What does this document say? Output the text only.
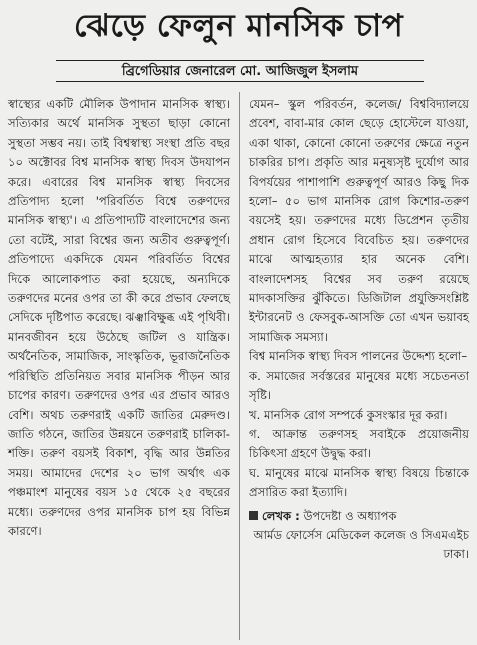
ঝেড়ে ফেলুন মানসিক চাপ
ব্রিগেডিয়ার জেনারেল মো. আজিজুল ইসলাম

স্বাস্থ্যের একটি মৌলিক উপাদান মানসিক স্বাস্থ্য। সত্যিকার অর্থে মানসিক সুস্থতা ছাড়া কোনো সুস্থতা সম্ভব নয়। তাই বিশ্বস্বাস্থ্য সংস্থা প্রতি বছর ১০ অক্টোবর বিশ্ব মানসিক স্বাস্থ্য দিবস উদযাপন করে। এবারের বিশ্ব মানসিক স্বাস্থ্য দিবসের প্রতিপাদ্য হলো 'পরিবর্তিত বিশ্বে তরুণদের মানসিক স্বাস্থ্য'। এ প্রতিপাদ্যটি বাংলাদেশের জন্য তো বটেই, সারা বিশ্বের জন্য অতীব গুরুত্বপূর্ণ। প্রতিপাদ্যে একদিকে যেমন পরিবর্তিত বিশ্বের দিকে আলোকপাত করা হয়েছে, অন্যদিকে তরুণদের মনের ওপর তা কী করে প্রভাব ফেলছে সেদিকে দৃষ্টিপাত করেছে। ঝঞ্ঝাবিক্ষুব্ধ এই পৃথিবী। মানবজীবন হয়ে উঠেছে জটিল ও যান্ত্রিক। অর্থনৈতিক, সামাজিক, সাংস্কৃতিক, ভূরাজনৈতিক পরিস্থিতি প্রতিনিয়ত সবার মানসিক পীড়ন আর চাপের কারণ। তরুণদের ওপর এর প্রভাব আরও বেশি। অথচ তরুণরাই একটি জাতির মেরুদণ্ড। জাতি গঠনে, জাতির উন্নয়নে তরুণরাই চালিকা-শক্তি। তরুণ বয়সই বিকাশ, বৃদ্ধি আর উন্নতির সময়। আমাদের দেশের ২০ ভাগ অর্থাৎ এক পঞ্চমাংশ মানুষের বয়স ১৫ থেকে ২৫ বছরের মধ্যে। তরুণদের ওপর মানসিক চাপ হয় বিভিন্ন কারণে।

যেমন– স্কুল পরিবর্তন, কলেজ/ বিশ্ববিদ্যালয়ে প্রবেশ, বাবা-মার কোল ছেড়ে হোস্টেলে যাওয়া, একা থাকা, কোনো কোনো তরুণের ক্ষেত্রে নতুন চাকরির চাপ। প্রকৃতি আর মনুষ্যসৃষ্ট দুর্যোগ আর বিপর্যয়ের পাশাপাশি গুরুত্বপূর্ণ আরও কিছু দিক হলো– ৫০ ভাগ মানসিক রোগ কিশোর-তরুণ বয়সেই হয়। তরুণদের মধ্যে ডিপ্রেশন তৃতীয় প্রধান রোগ হিসেবে বিবেচিত হয়। তরুণদের মাঝে আত্মহত্যার হার অনেক বেশি। বাংলাদেশসহ বিশ্বের সব তরুণ রয়েছে মাদকাসক্তির ঝুঁকিতে। ডিজিটাল প্রযুক্তিসংশ্লিষ্ট ইন্টারনেট ও ফেসবুক-আসক্তি তো এখন ভয়াবহ সামাজিক সমস্যা।

বিশ্ব মানসিক স্বাস্থ্য দিবস পালনের উদ্দেশ্য হলো–

ক. সমাজের সর্বস্তরের মানুষের মধ্যে সচেতনতা সৃষ্টি।

খ. মানসিক রোগ সম্পর্কে কুসংস্কার দূর করা।

গ. আক্রান্ত তরুণসহ সবাইকে প্রয়োজনীয় চিকিৎসা গ্রহণে উদ্বুদ্ধ করা।

ঘ. মানুষের মাঝে মানসিক স্বাস্থ্য বিষয়ে চিন্তাকে প্রসারিত করা ইত্যাদি।

লেখক : উপদেষ্টা ও অধ্যাপক

আর্মড ফোর্সেস মেডিকেল কলেজ ও সিএমএইচ ঢাকা।
